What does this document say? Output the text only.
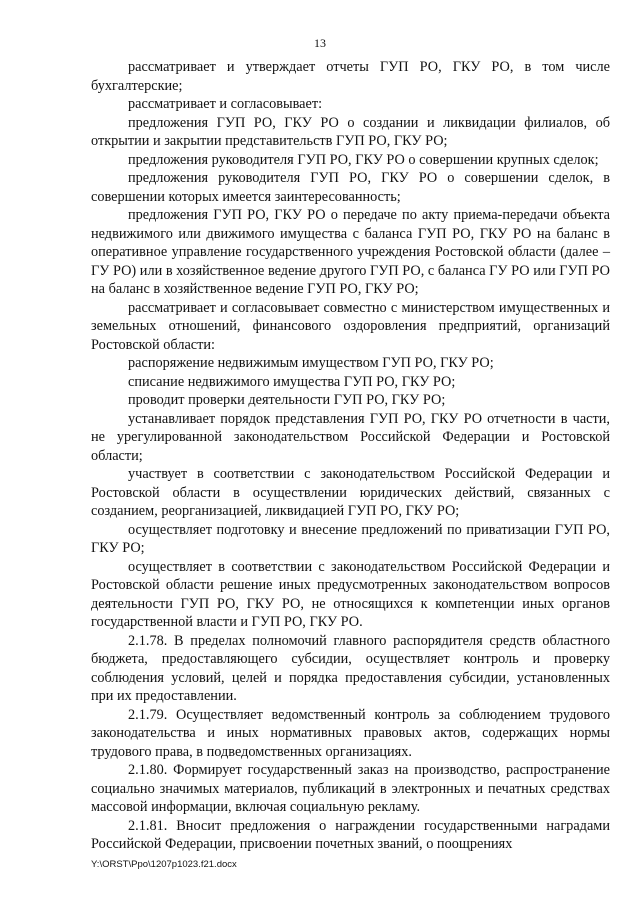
13

рассматривает и утверждает отчеты ГУП РО, ГКУ РО, в том числе бухгалтерские;

рассматривает и согласовывает:

предложения ГУП РО, ГКУ РО о создании и ликвидации филиалов, об открытии и закрытии представительств ГУП РО, ГКУ РО;

предложения руководителя ГУП РО, ГКУ РО о совершении крупных сделок;

предложения руководителя ГУП РО, ГКУ РО о совершении сделок, в совершении которых имеется заинтересованность;

предложения ГУП РО, ГКУ РО о передаче по акту приема-передачи объекта недвижимого или движимого имущества с баланса ГУП РО, ГКУ РО на баланс в оперативное управление государственного учреждения Ростовской области (далее – ГУ РО) или в хозяйственное ведение другого ГУП РО, с баланса ГУ РО или ГУП РО на баланс в хозяйственное ведение ГУП РО, ГКУ РО;

рассматривает и согласовывает совместно с министерством имущественных и земельных отношений, финансового оздоровления предприятий, организаций Ростовской области:

распоряжение недвижимым имуществом ГУП РО, ГКУ РО;

списание недвижимого имущества ГУП РО, ГКУ РО;

проводит проверки деятельности ГУП РО, ГКУ РО;

устанавливает порядок представления ГУП РО, ГКУ РО отчетности в части, не урегулированной законодательством Российской Федерации и Ростовской области;

участвует в соответствии с законодательством Российской Федерации и Ростовской области в осуществлении юридических действий, связанных с созданием, реорганизацией, ликвидацией ГУП РО, ГКУ РО;

осуществляет подготовку и внесение предложений по приватизации ГУП РО, ГКУ РО;

осуществляет в соответствии с законодательством Российской Федерации и Ростовской области решение иных предусмотренных законодательством вопросов деятельности ГУП РО, ГКУ РО, не относящихся к компетенции иных органов государственной власти и ГУП РО, ГКУ РО.

2.1.78. В пределах полномочий главного распорядителя средств областного бюджета, предоставляющего субсидии, осуществляет контроль и проверку соблюдения условий, целей и порядка предоставления субсидии, установленных при их предоставлении.

2.1.79. Осуществляет ведомственный контроль за соблюдением трудового законодательства и иных нормативных правовых актов, содержащих нормы трудового права, в подведомственных организациях.

2.1.80. Формирует государственный заказ на производство, распространение социально значимых материалов, публикаций в электронных и печатных средствах массовой информации, включая социальную рекламу.

2.1.81. Вносит предложения о награждении государственными наградами Российской Федерации, присвоении почетных званий, о поощрениях

Y:\ORST\Ppo\1207p1023.f21.docx
